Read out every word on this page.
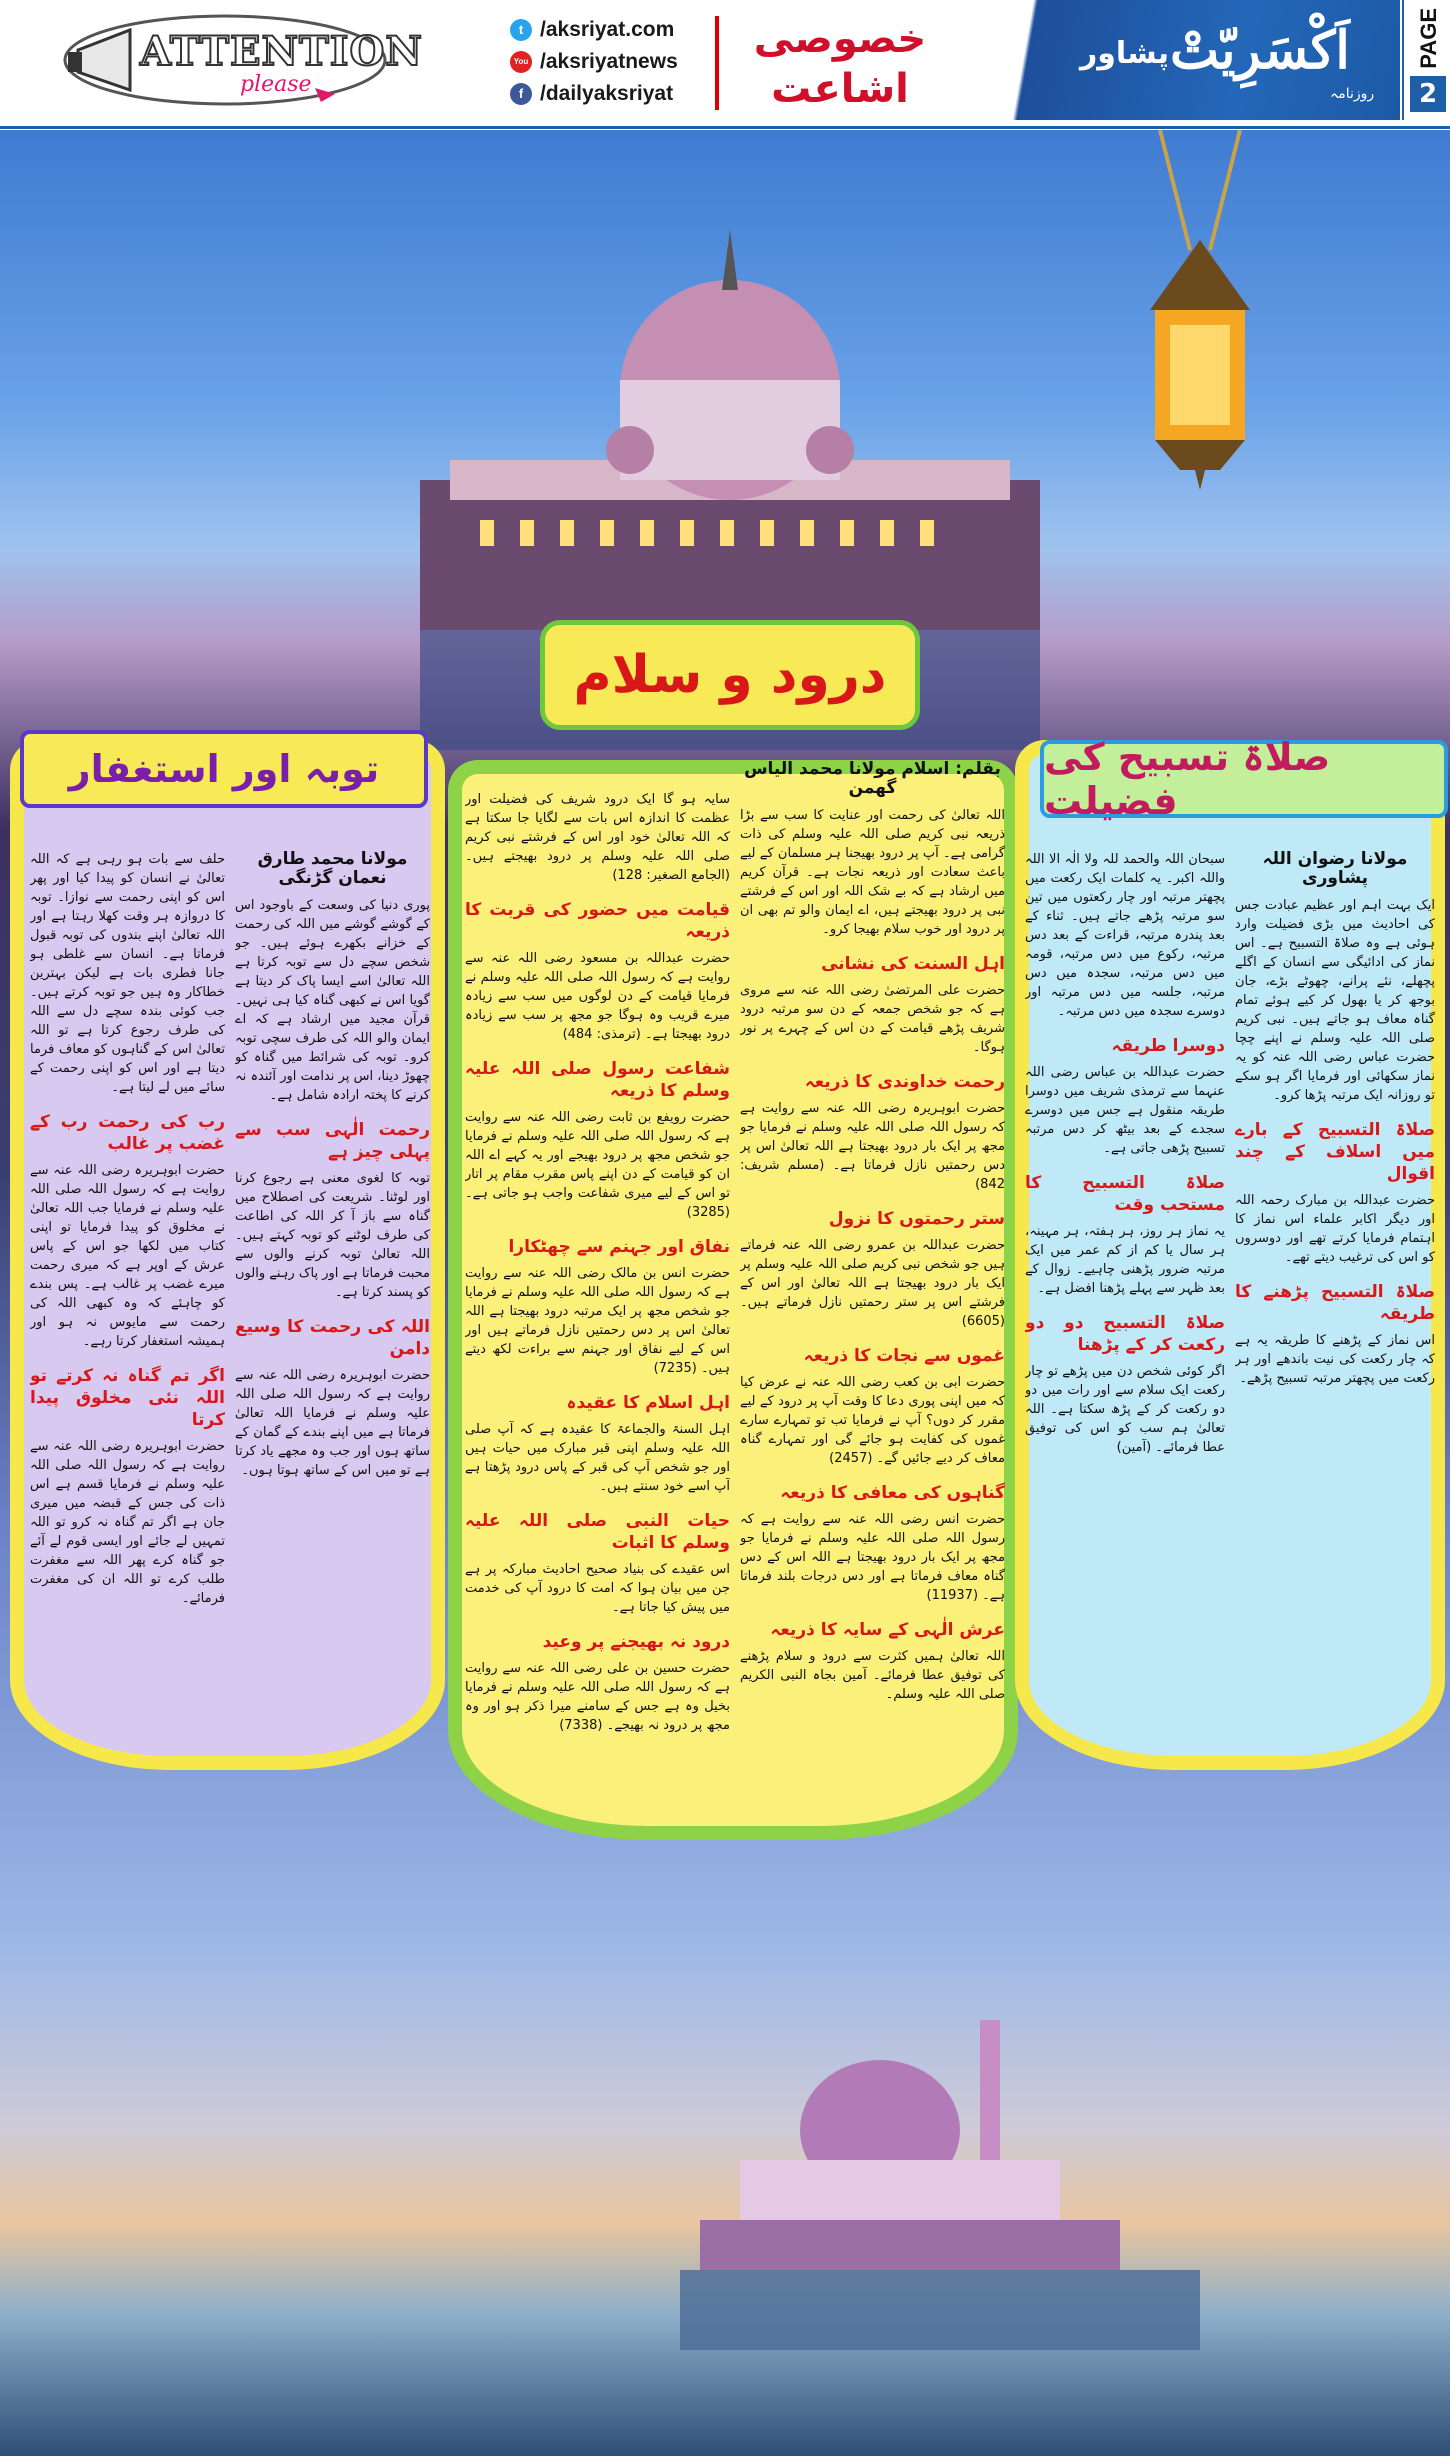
ATTENTION
please
t /aksriyat.com
You /aksriyatnews
f /dailyaksriyat
خصوصی
اشاعت
پشاور اَکْسَرِیّتْ
روزنامہ
PAGE
2
توبہ اور استغفار
درود و سلام
صلاۃ تسبیح کی فضیلت
مولانا محمد طارق نعمان گڑنگی

پوری دنیا کی وسعت کے باوجود اس کے گوشے گوشے میں اللہ کی رحمت کے خزانے بکھرے ہوئے ہیں۔ جو شخص سچے دل سے توبہ کرتا ہے اللہ تعالیٰ اسے ایسا پاک کر دیتا ہے گویا اس نے کبھی گناہ کیا ہی نہیں۔ قرآن مجید میں ارشاد ہے کہ اے ایمان والو اللہ کی طرف سچی توبہ کرو۔ توبہ کی شرائط میں گناہ کو چھوڑ دینا، اس پر ندامت اور آئندہ نہ کرنے کا پختہ ارادہ شامل ہے۔

رحمت الٰہی سب سے پہلی چیز ہے

توبہ کا لغوی معنی ہے رجوع کرنا اور لوٹنا۔ شریعت کی اصطلاح میں گناہ سے باز آ کر اللہ کی اطاعت کی طرف لوٹنے کو توبہ کہتے ہیں۔ اللہ تعالیٰ توبہ کرنے والوں سے محبت فرماتا ہے اور پاک رہنے والوں کو پسند کرتا ہے۔

اللہ کی رحمت کا وسیع دامن

حضرت ابوہریرہ رضی اللہ عنہ سے روایت ہے کہ رسول اللہ صلی اللہ علیہ وسلم نے فرمایا اللہ تعالیٰ فرماتا ہے میں اپنے بندے کے گمان کے ساتھ ہوں اور جب وہ مجھے یاد کرتا ہے تو میں اس کے ساتھ ہوتا ہوں۔

حلف سے بات ہو رہی ہے کہ اللہ تعالیٰ نے انسان کو پیدا کیا اور پھر اس کو اپنی رحمت سے نوازا۔ توبہ کا دروازہ ہر وقت کھلا رہتا ہے اور اللہ تعالیٰ اپنے بندوں کی توبہ قبول فرماتا ہے۔ انسان سے غلطی ہو جانا فطری بات ہے لیکن بہترین خطاکار وہ ہیں جو توبہ کرتے ہیں۔ جب کوئی بندہ سچے دل سے اللہ کی طرف رجوع کرتا ہے تو اللہ تعالیٰ اس کے گناہوں کو معاف فرما دیتا ہے اور اس کو اپنی رحمت کے سائے میں لے لیتا ہے۔

رب کی رحمت رب کے غضب پر غالب

حضرت ابوہریرہ رضی اللہ عنہ سے روایت ہے کہ رسول اللہ صلی اللہ علیہ وسلم نے فرمایا جب اللہ تعالیٰ نے مخلوق کو پیدا فرمایا تو اپنی کتاب میں لکھا جو اس کے پاس عرش کے اوپر ہے کہ میری رحمت میرے غضب پر غالب ہے۔ پس بندے کو چاہئے کہ وہ کبھی اللہ کی رحمت سے مایوس نہ ہو اور ہمیشہ استغفار کرتا رہے۔

اگر تم گناہ نہ کرتے تو اللہ نئی مخلوق پیدا کرتا

حضرت ابوہریرہ رضی اللہ عنہ سے روایت ہے کہ رسول اللہ صلی اللہ علیہ وسلم نے فرمایا قسم ہے اس ذات کی جس کے قبضہ میں میری جان ہے اگر تم گناہ نہ کرو تو اللہ تمہیں لے جائے اور ایسی قوم لے آئے جو گناہ کرے پھر اللہ سے مغفرت طلب کرے تو اللہ ان کی مغفرت فرمائے۔

بقلم: اسلام مولانا محمد الیاس گھمن

اللہ تعالیٰ کی رحمت اور عنایت کا سب سے بڑا ذریعہ نبی کریم صلی اللہ علیہ وسلم کی ذات گرامی ہے۔ آپ پر درود بھیجنا ہر مسلمان کے لیے باعث سعادت اور ذریعہ نجات ہے۔ قرآن کریم میں ارشاد ہے کہ بے شک اللہ اور اس کے فرشتے نبی پر درود بھیجتے ہیں، اے ایمان والو تم بھی ان پر درود اور خوب سلام بھیجا کرو۔

اہل السنت کی نشانی

حضرت علی المرتضیٰ رضی اللہ عنہ سے مروی ہے کہ جو شخص جمعہ کے دن سو مرتبہ درود شریف پڑھے قیامت کے دن اس کے چہرے پر نور ہوگا۔

رحمت خداوندی کا ذریعہ

حضرت ابوہریرہ رضی اللہ عنہ سے روایت ہے کہ رسول اللہ صلی اللہ علیہ وسلم نے فرمایا جو مجھ پر ایک بار درود بھیجتا ہے اللہ تعالیٰ اس پر دس رحمتیں نازل فرماتا ہے۔ (مسلم شریف: 842)

ستر رحمتوں کا نزول

حضرت عبداللہ بن عمرو رضی اللہ عنہ فرماتے ہیں جو شخص نبی کریم صلی اللہ علیہ وسلم پر ایک بار درود بھیجتا ہے اللہ تعالیٰ اور اس کے فرشتے اس پر ستر رحمتیں نازل فرماتے ہیں۔ (6605)

غموں سے نجات کا ذریعہ

حضرت ابی بن کعب رضی اللہ عنہ نے عرض کیا کہ میں اپنی پوری دعا کا وقت آپ پر درود کے لیے مقرر کر دوں؟ آپ نے فرمایا تب تو تمہارے سارے غموں کی کفایت ہو جائے گی اور تمہارے گناہ معاف کر دیے جائیں گے۔ (2457)

گناہوں کی معافی کا ذریعہ

حضرت انس رضی اللہ عنہ سے روایت ہے کہ رسول اللہ صلی اللہ علیہ وسلم نے فرمایا جو مجھ پر ایک بار درود بھیجتا ہے اللہ اس کے دس گناہ معاف فرماتا ہے اور دس درجات بلند فرماتا ہے۔ (11937)

عرش الٰہی کے سایہ کا ذریعہ

اللہ تعالیٰ ہمیں کثرت سے درود و سلام پڑھنے کی توفیق عطا فرمائے۔ آمین بجاہ النبی الکریم صلی اللہ علیہ وسلم۔

سایہ ہو گا ایک درود شریف کی فضیلت اور عظمت کا اندازہ اس بات سے لگایا جا سکتا ہے کہ اللہ تعالیٰ خود اور اس کے فرشتے نبی کریم صلی اللہ علیہ وسلم پر درود بھیجتے ہیں۔ (الجامع الصغیر: 128)

قیامت میں حضور کی قربت کا ذریعہ

حضرت عبداللہ بن مسعود رضی اللہ عنہ سے روایت ہے کہ رسول اللہ صلی اللہ علیہ وسلم نے فرمایا قیامت کے دن لوگوں میں سب سے زیادہ میرے قریب وہ ہوگا جو مجھ پر سب سے زیادہ درود بھیجتا ہے۔ (ترمذی: 484)

شفاعت رسول صلی اللہ علیہ وسلم کا ذریعہ

حضرت رویفع بن ثابت رضی اللہ عنہ سے روایت ہے کہ رسول اللہ صلی اللہ علیہ وسلم نے فرمایا جو شخص مجھ پر درود بھیجے اور یہ کہے اے اللہ ان کو قیامت کے دن اپنے پاس مقرب مقام پر اتار تو اس کے لیے میری شفاعت واجب ہو جاتی ہے۔ (3285)

نفاق اور جہنم سے چھٹکارا

حضرت انس بن مالک رضی اللہ عنہ سے روایت ہے کہ رسول اللہ صلی اللہ علیہ وسلم نے فرمایا جو شخص مجھ پر ایک مرتبہ درود بھیجتا ہے اللہ تعالیٰ اس پر دس رحمتیں نازل فرماتے ہیں اور اس کے لیے نفاق اور جہنم سے براءت لکھ دیتے ہیں۔ (7235)

اہل اسلام کا عقیدہ

اہل السنۃ والجماعۃ کا عقیدہ ہے کہ آپ صلی اللہ علیہ وسلم اپنی قبر مبارک میں حیات ہیں اور جو شخص آپ کی قبر کے پاس درود پڑھتا ہے آپ اسے خود سنتے ہیں۔

حیات النبی صلی اللہ علیہ وسلم کا اثبات

اس عقیدے کی بنیاد صحیح احادیث مبارکہ پر ہے جن میں بیان ہوا کہ امت کا درود آپ کی خدمت میں پیش کیا جاتا ہے۔

درود نہ بھیجنے پر وعید

حضرت حسین بن علی رضی اللہ عنہ سے روایت ہے کہ رسول اللہ صلی اللہ علیہ وسلم نے فرمایا بخیل وہ ہے جس کے سامنے میرا ذکر ہو اور وہ مجھ پر درود نہ بھیجے۔ (7338)

مولانا رضوان اللہ پشاوری

ایک بہت اہم اور عظیم عبادت جس کی احادیث میں بڑی فضیلت وارد ہوئی ہے وہ صلاۃ التسبیح ہے۔ اس نماز کی ادائیگی سے انسان کے اگلے پچھلے، نئے پرانے، چھوٹے بڑے، جان بوجھ کر یا بھول کر کیے ہوئے تمام گناہ معاف ہو جاتے ہیں۔ نبی کریم صلی اللہ علیہ وسلم نے اپنے چچا حضرت عباس رضی اللہ عنہ کو یہ نماز سکھائی اور فرمایا اگر ہو سکے تو روزانہ ایک مرتبہ پڑھا کرو۔

صلاۃ التسبیح کے بارے میں اسلاف کے چند اقوال

حضرت عبداللہ بن مبارک رحمہ اللہ اور دیگر اکابر علماء اس نماز کا اہتمام فرمایا کرتے تھے اور دوسروں کو اس کی ترغیب دیتے تھے۔

صلاۃ التسبیح پڑھنے کا طریقہ

اس نماز کے پڑھنے کا طریقہ یہ ہے کہ چار رکعت کی نیت باندھے اور ہر رکعت میں پچھتر مرتبہ تسبیح پڑھے۔

سبحان اللہ والحمد للہ ولا الٰہ الا اللہ واللہ اکبر۔ یہ کلمات ایک رکعت میں پچھتر مرتبہ اور چار رکعتوں میں تین سو مرتبہ پڑھے جاتے ہیں۔ ثناء کے بعد پندرہ مرتبہ، قراءت کے بعد دس مرتبہ، رکوع میں دس مرتبہ، قومہ میں دس مرتبہ، سجدہ میں دس مرتبہ، جلسہ میں دس مرتبہ اور دوسرے سجدہ میں دس مرتبہ۔

دوسرا طریقہ

حضرت عبداللہ بن عباس رضی اللہ عنہما سے ترمذی شریف میں دوسرا طریقہ منقول ہے جس میں دوسرے سجدے کے بعد بیٹھ کر دس مرتبہ تسبیح پڑھی جاتی ہے۔

صلاۃ التسبیح کا مستحب وقت

یہ نماز ہر روز، ہر ہفتہ، ہر مہینہ، ہر سال یا کم از کم عمر میں ایک مرتبہ ضرور پڑھنی چاہیے۔ زوال کے بعد ظہر سے پہلے پڑھنا افضل ہے۔

صلاۃ التسبیح دو دو رکعت کر کے پڑھنا

اگر کوئی شخص دن میں پڑھے تو چار رکعت ایک سلام سے اور رات میں دو دو رکعت کر کے پڑھ سکتا ہے۔ اللہ تعالیٰ ہم سب کو اس کی توفیق عطا فرمائے۔ (آمین)
